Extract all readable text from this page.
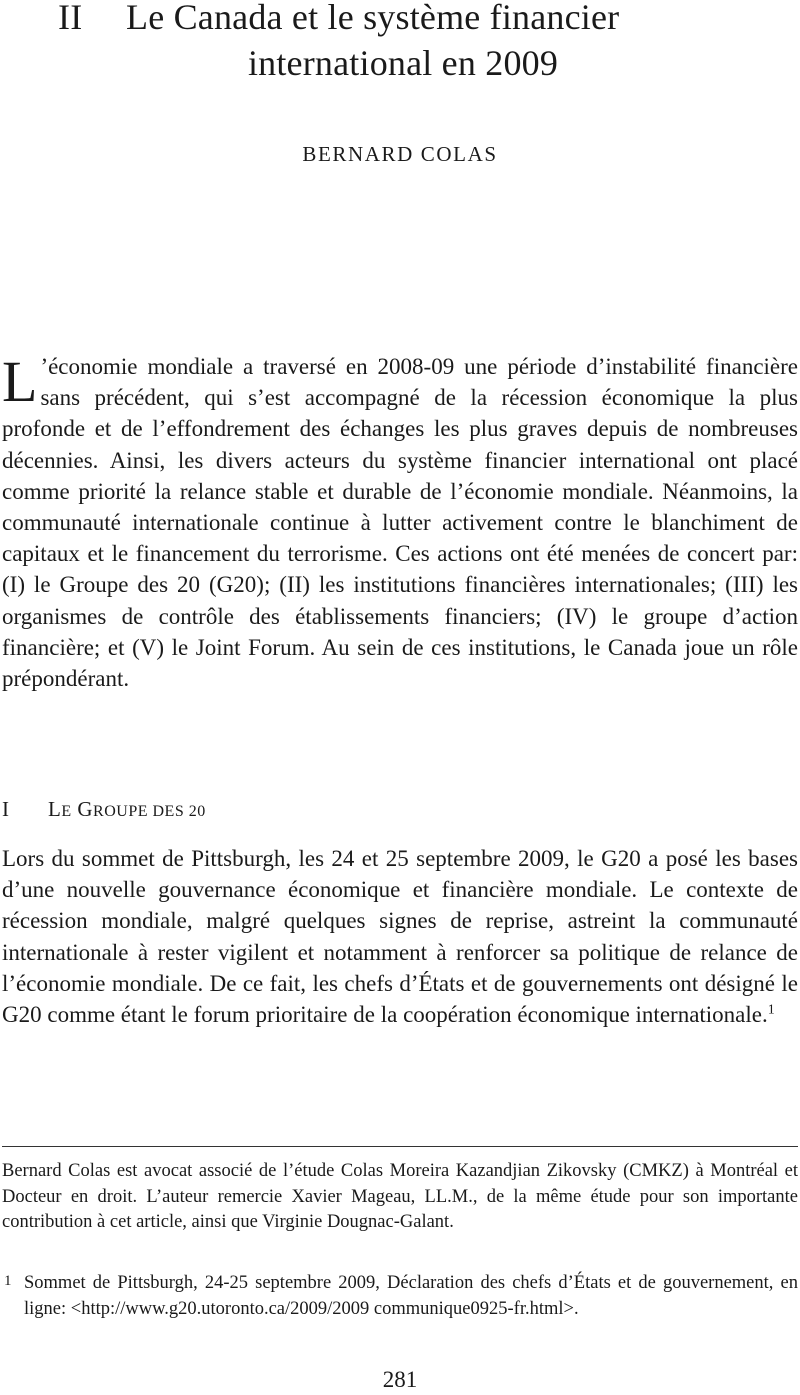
II Le Canada et le système financier
international en 2009
BERNARD COLAS

L ’économie mondiale a traversé en 2008-09 une période d’instabilité financière sans précédent, qui s’est accompagné de la récession économique la plus profonde et de l’effondrement des échanges les plus graves depuis de nombreuses décennies. Ainsi, les divers acteurs du système financier international ont placé comme priorité la relance stable et durable de l’économie mondiale. Néanmoins, la communauté internationale continue à lutter activement contre le blanchiment de capitaux et le financement du terrorisme. Ces actions ont été menées de concert par: (I) le Groupe des 20 (G20); (II) les institutions financières internationales; (III) les organismes de contrôle des établissements financiers; (IV) le groupe d’action financière; et (V) le Joint Forum. Au sein de ces institutions, le Canada joue un rôle prépondérant.

I LE GROUPE DES 20

Lors du sommet de Pittsburgh, les 24 et 25 septembre 2009, le G20 a posé les bases d’une nouvelle gouvernance économique et financière mondiale. Le contexte de récession mondiale, malgré quelques signes de reprise, astreint la communauté internationale à rester vigilent et notamment à renforcer sa politique de relance de l’économie mondiale. De ce fait, les chefs d’États et de gouvernements ont désigné le G20 comme étant le forum prioritaire de la coopération économique internationale.$^1$

Bernard Colas est avocat associé de l’étude Colas Moreira Kazandjian Zikovsky (CMKZ) à Montréal et Docteur en droit. L’auteur remercie Xavier Mageau, LL.M., de la même étude pour son importante contribution à cet article, ainsi que Virginie Dougnac-Galant.

1 Sommet de Pittsburgh, 24-25 septembre 2009, Déclaration des chefs d’États et de gouvernement, en ligne: <http://www.g20.utoronto.ca/2009/2009 communique0925-fr.html>.

281
